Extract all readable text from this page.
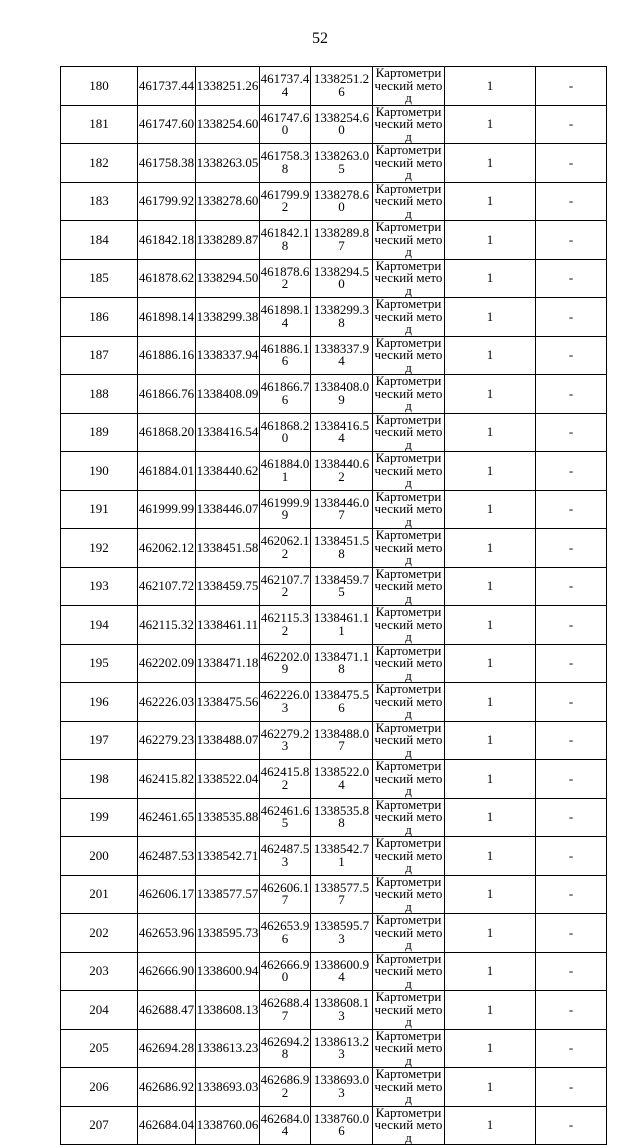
52
180	461737.44	1338251.26	461737.44	1338251.26	Картометрический метод	1	-
181	461747.60	1338254.60	461747.60	1338254.60	Картометрический метод	1	-
182	461758.38	1338263.05	461758.38	1338263.05	Картометрический метод	1	-
183	461799.92	1338278.60	461799.92	1338278.60	Картометрический метод	1	-
184	461842.18	1338289.87	461842.18	1338289.87	Картометрический метод	1	-
185	461878.62	1338294.50	461878.62	1338294.50	Картометрический метод	1	-
186	461898.14	1338299.38	461898.14	1338299.38	Картометрический метод	1	-
187	461886.16	1338337.94	461886.16	1338337.94	Картометрический метод	1	-
188	461866.76	1338408.09	461866.76	1338408.09	Картометрический метод	1	-
189	461868.20	1338416.54	461868.20	1338416.54	Картометрический метод	1	-
190	461884.01	1338440.62	461884.01	1338440.62	Картометрический метод	1	-
191	461999.99	1338446.07	461999.99	1338446.07	Картометрический метод	1	-
192	462062.12	1338451.58	462062.12	1338451.58	Картометрический метод	1	-
193	462107.72	1338459.75	462107.72	1338459.75	Картометрический метод	1	-
194	462115.32	1338461.11	462115.32	1338461.11	Картометрический метод	1	-
195	462202.09	1338471.18	462202.09	1338471.18	Картометрический метод	1	-
196	462226.03	1338475.56	462226.03	1338475.56	Картометрический метод	1	-
197	462279.23	1338488.07	462279.23	1338488.07	Картометрический метод	1	-
198	462415.82	1338522.04	462415.82	1338522.04	Картометрический метод	1	-
199	462461.65	1338535.88	462461.65	1338535.88	Картометрический метод	1	-
200	462487.53	1338542.71	462487.53	1338542.71	Картометрический метод	1	-
201	462606.17	1338577.57	462606.17	1338577.57	Картометрический метод	1	-
202	462653.96	1338595.73	462653.96	1338595.73	Картометрический метод	1	-
203	462666.90	1338600.94	462666.90	1338600.94	Картометрический метод	1	-
204	462688.47	1338608.13	462688.47	1338608.13	Картометрический метод	1	-
205	462694.28	1338613.23	462694.28	1338613.23	Картометрический метод	1	-
206	462686.92	1338693.03	462686.92	1338693.03	Картометрический метод	1	-
207	462684.04	1338760.06	462684.04	1338760.06	Картометрический метод	1	-
